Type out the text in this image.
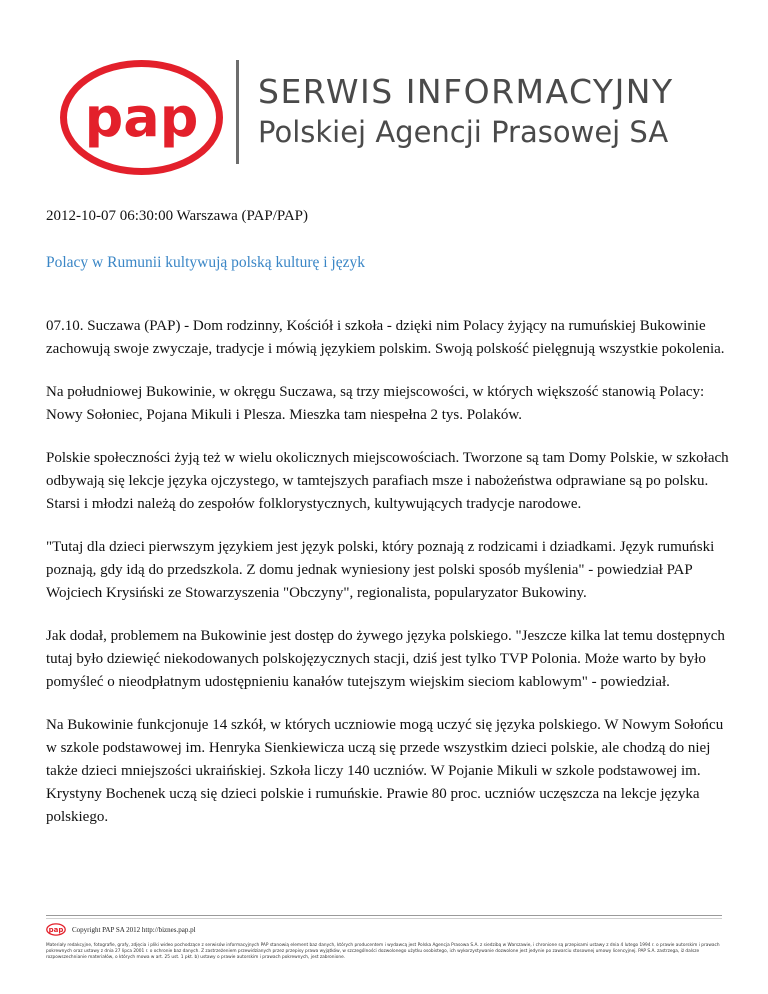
pap SERWIS INFORMACYJNY
Polskiej Agencji Prasowej SA
2012-10-07 06:30:00 Warszawa (PAP/PAP)
Polacy w Rumunii kultywują polską kulturę i język

07.10. Suczawa (PAP) - Dom rodzinny, Kościół i szkoła - dzięki nim Polacy żyjący na rumuńskiej Bukowinie zachowują swoje zwyczaje, tradycje i mówią językiem polskim. Swoją polskość pielęgnują wszystkie pokolenia.

Na południowej Bukowinie, w okręgu Suczawa, są trzy miejscowości, w których większość stanowią Polacy: Nowy Sołoniec, Pojana Mikuli i Plesza. Mieszka tam niespełna 2 tys. Polaków.

Polskie społeczności żyją też w wielu okolicznych miejscowościach. Tworzone są tam Domy Polskie, w szkołach odbywają się lekcje języka ojczystego, w tamtejszych parafiach msze i nabożeństwa odprawiane są po polsku. Starsi i młodzi należą do zespołów folklorystycznych, kultywujących tradycje narodowe.

"Tutaj dla dzieci pierwszym językiem jest język polski, który poznają z rodzicami i dziadkami. Język rumuński poznają, gdy idą do przedszkola. Z domu jednak wyniesiony jest polski sposób myślenia" - powiedział PAP Wojciech Krysiński ze Stowarzyszenia "Obczyny", regionalista, popularyzator Bukowiny.

Jak dodał, problemem na Bukowinie jest dostęp do żywego języka polskiego. "Jeszcze kilka lat temu dostępnych tutaj było dziewięć niekodowanych polskojęzycznych stacji, dziś jest tylko TVP Polonia. Może warto by było pomyśleć o nieodpłatnym udostępnieniu kanałów tutejszym wiejskim sieciom kablowym" - powiedział.

Na Bukowinie funkcjonuje 14 szkół, w których uczniowie mogą uczyć się języka polskiego. W Nowym Sołońcu w szkole podstawowej im. Henryka Sienkiewicza uczą się przede wszystkim dzieci polskie, ale chodzą do niej także dzieci mniejszości ukraińskiej. Szkoła liczy 140 uczniów. W Pojanie Mikuli w szkole podstawowej im. Krystyny Bochenek uczą się dzieci polskie i rumuńskie. Prawie 80 proc. uczniów uczęszcza na lekcje języka polskiego.

pap Copyright PAP SA 2012 http://biznes.pap.pl
Materiały redakcyjne, fotografie, grafy, zdjęcia i pliki wideo pochodzące z serwisów informacyjnych PAP stanowią element baz danych, których producentem i wydawcą jest Polska Agencja Prasowa S.A. z siedzibą w Warszawie, i chronione są przepisami ustawy z dnia 4 lutego 1994 r. o prawie autorskim i prawach pokrewnych oraz ustawy z dnia 27 lipca 2001 r. o ochronie baz danych. Z zastrzeżeniem przewidzianych przez przepisy prawa wyjątków, w szczególności dozwolonego użytku osobistego, ich wykorzystywanie dozwolone jest jedynie po zawarciu stosownej umowy licencyjnej. PAP S.A. zastrzega, iż dalsze rozpowszechnianie materiałów, o których mowa w art. 25 ust. 1 pkt. b) ustawy o prawie autorskim i prawach pokrewnych, jest zabronione.
